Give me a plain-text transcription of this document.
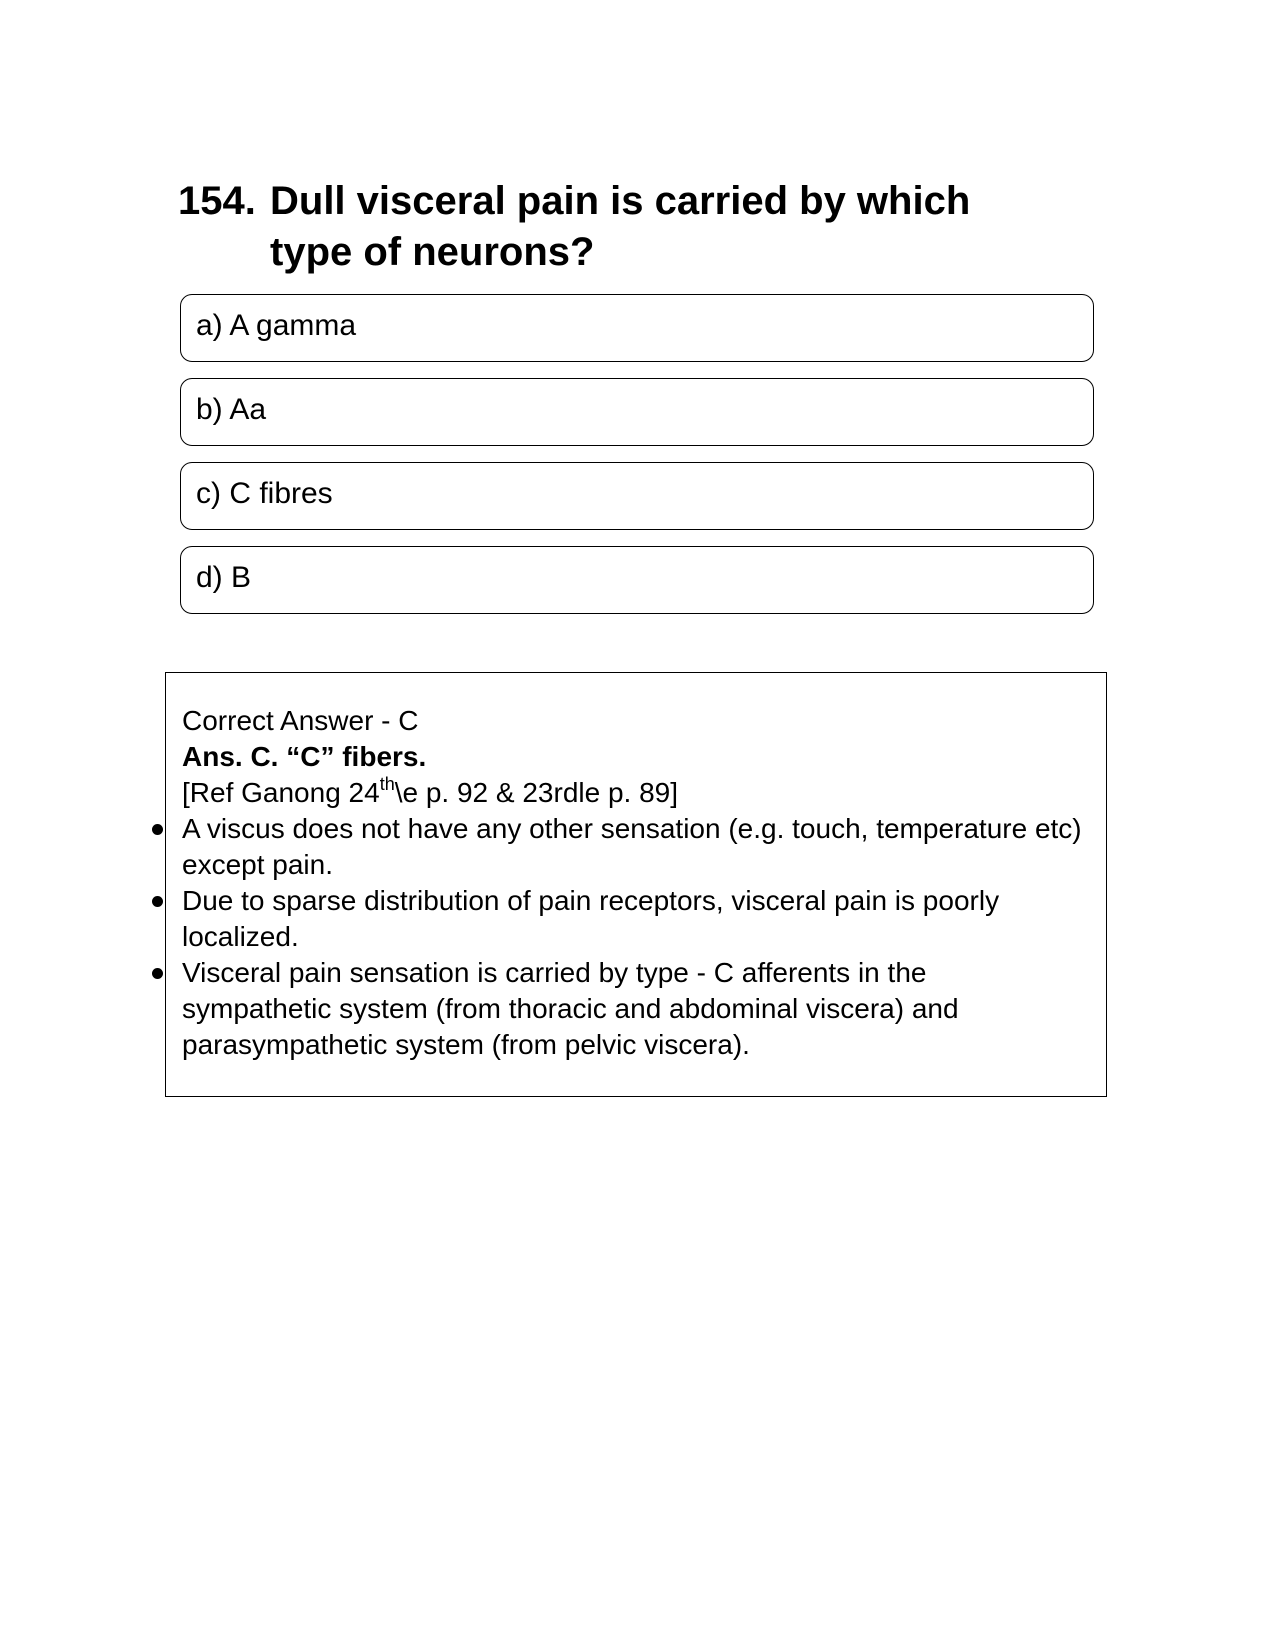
154. Dull visceral pain is carried by which type of neurons?
a) A gamma
b) Aa
c) C fibres
d) B
Correct Answer - C
Ans. C. “C” fibers.
[Ref Ganong 24th\e p. 92 & 23rdle p. 89]
A viscus does not have any other sensation (e.g. touch, temperature etc) except pain.
Due to sparse distribution of pain receptors, visceral pain is poorly localized.
Visceral pain sensation is carried by type - C afferents in the sympathetic system (from thoracic and abdominal viscera) and parasympathetic system (from pelvic viscera).
